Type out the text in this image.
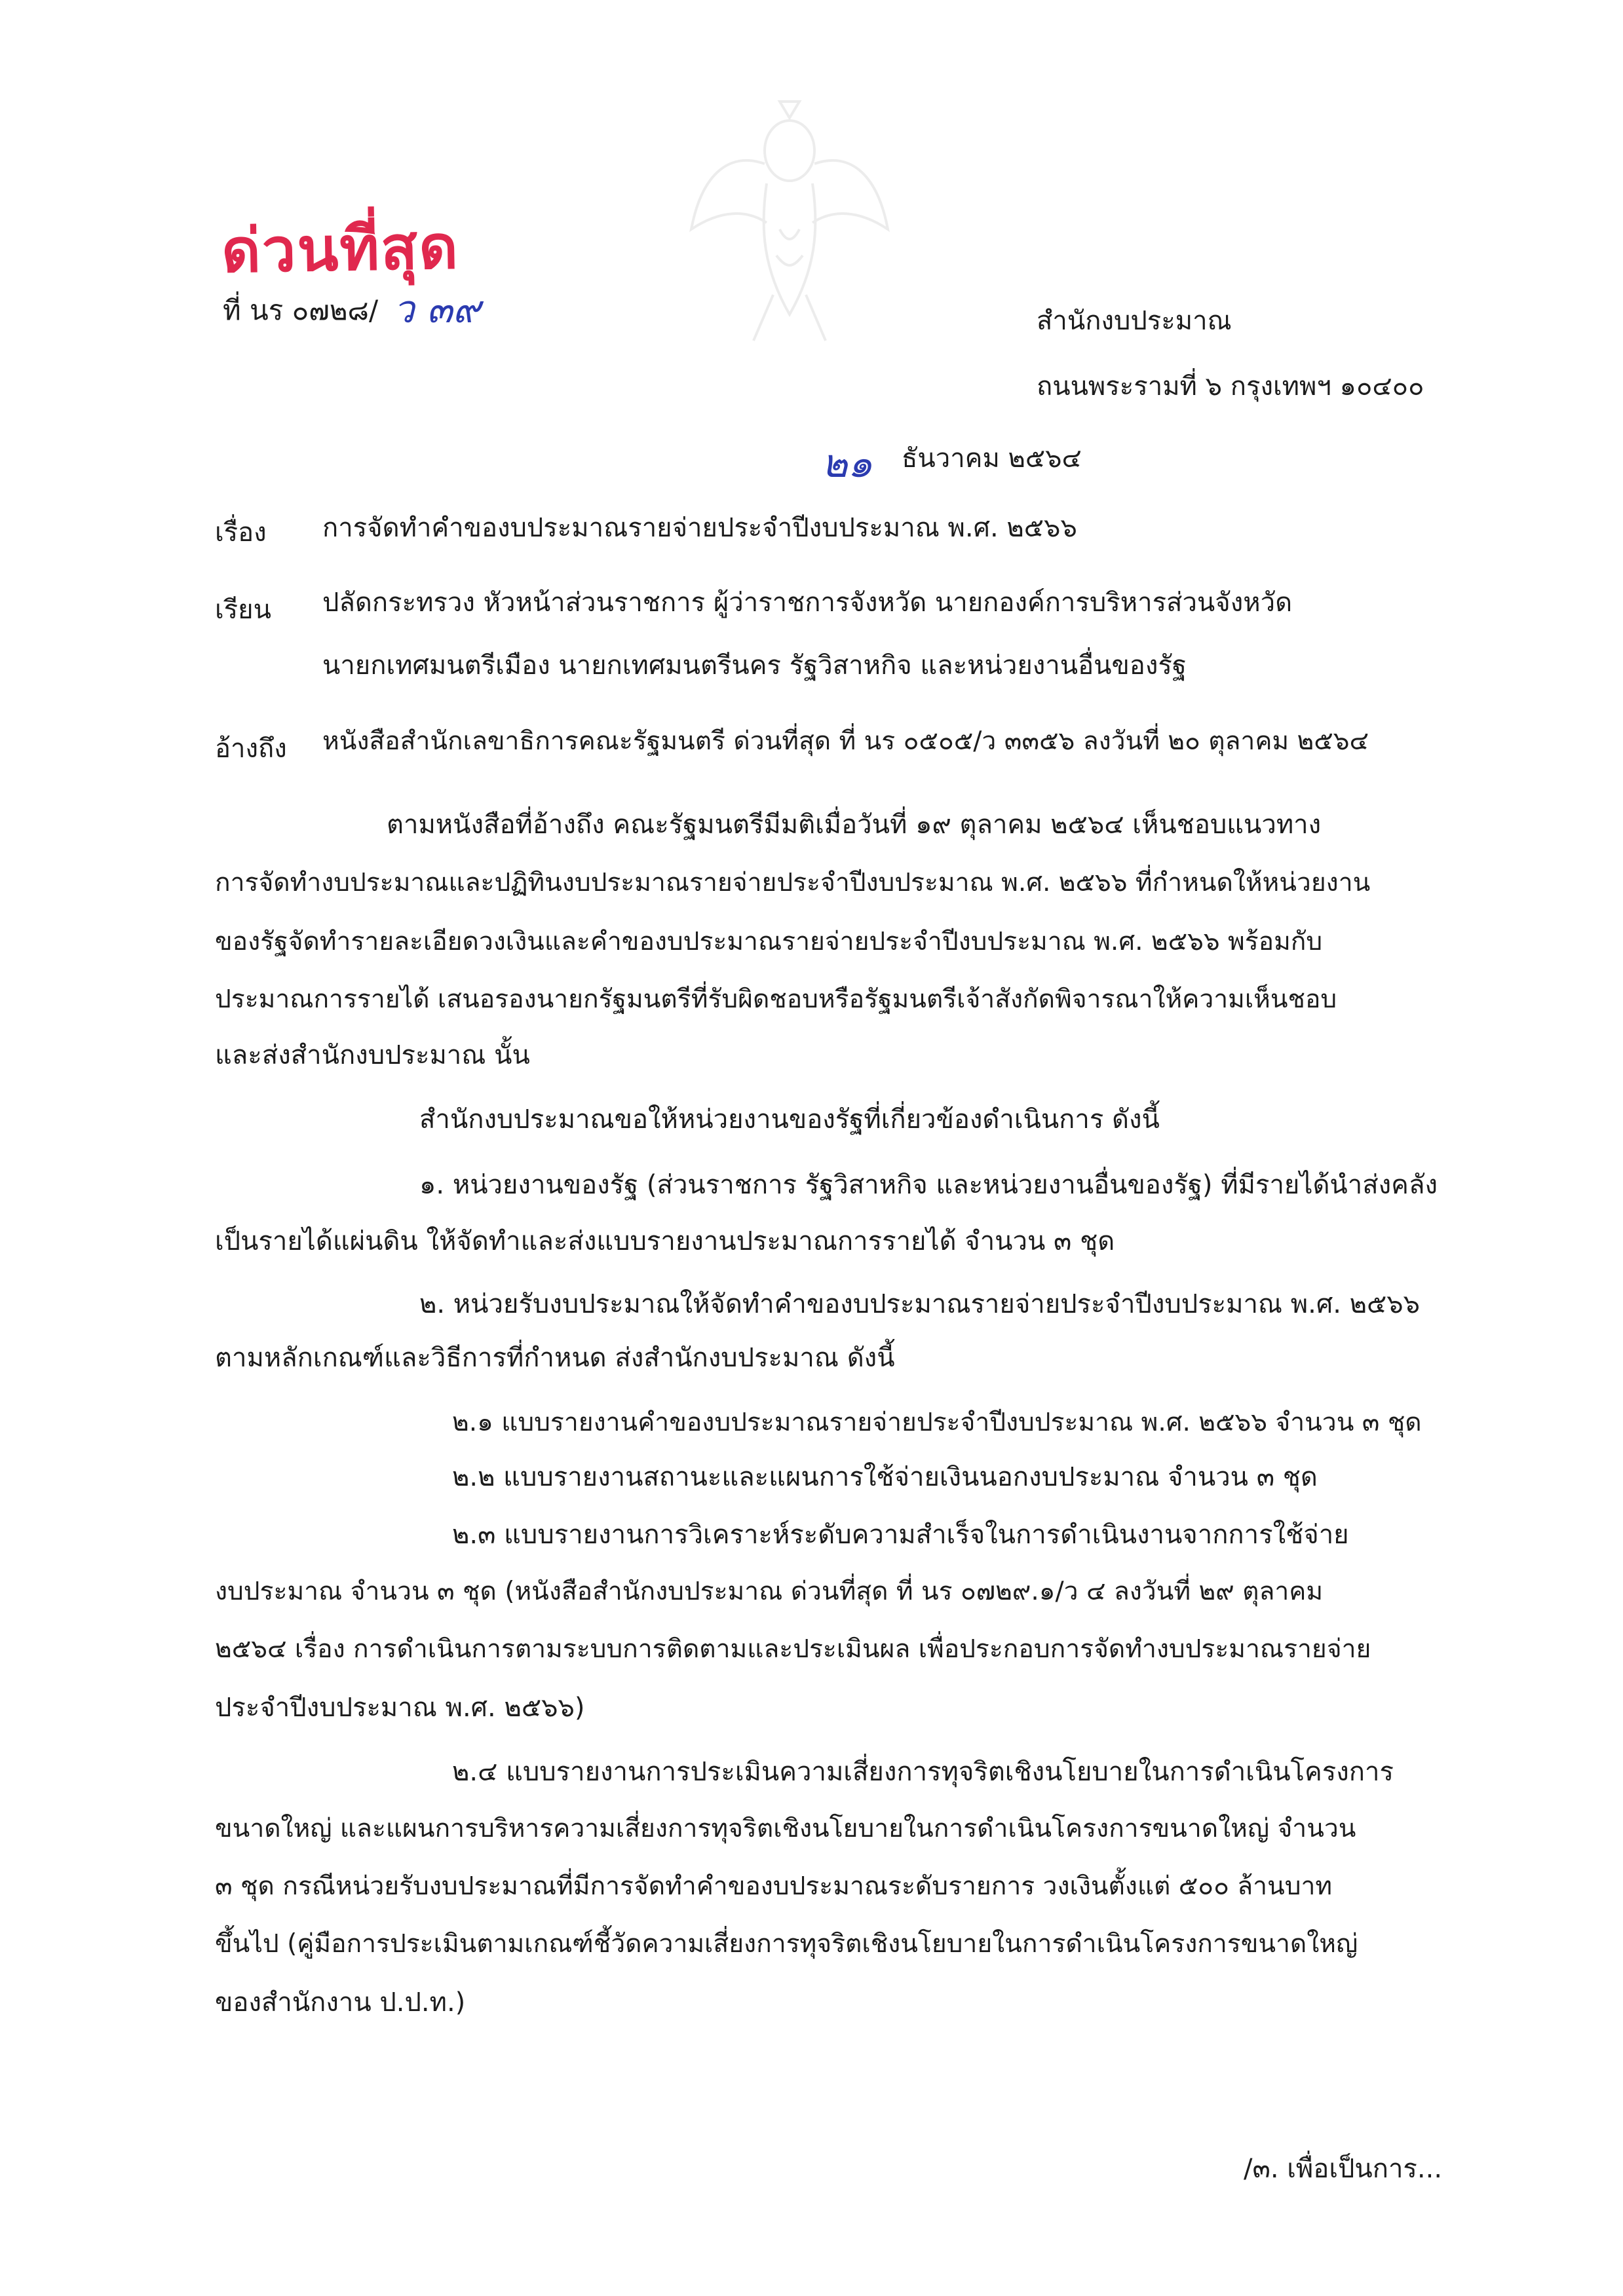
ด่วนที่สุด
ที่ นร ๐๗๒๘/ ว ๓๙	สำนักงบประมาณ
ถนนพระรามที่ ๖ กรุงเทพฯ ๑๐๔๐๐
๒๑ ธันวาคม ๒๕๖๔
เรื่อง การจัดทำคำของบประมาณรายจ่ายประจำปีงบประมาณ พ.ศ. ๒๕๖๖
เรียน ปลัดกระทรวง หัวหน้าส่วนราชการ ผู้ว่าราชการจังหวัด นายกองค์การบริหารส่วนจังหวัด
นายกเทศมนตรีเมือง นายกเทศมนตรีนคร รัฐวิสาหกิจ และหน่วยงานอื่นของรัฐ
อ้างถึง หนังสือสำนักเลขาธิการคณะรัฐมนตรี ด่วนที่สุด ที่ นร ๐๕๐๕/ว ๓๓๕๖ ลงวันที่ ๒๐ ตุลาคม ๒๕๖๔
ตามหนังสือที่อ้างถึง คณะรัฐมนตรีมีมติเมื่อวันที่ ๑๙ ตุลาคม ๒๕๖๔ เห็นชอบแนวทาง
การจัดทำงบประมาณและปฏิทินงบประมาณรายจ่ายประจำปีงบประมาณ พ.ศ. ๒๕๖๖ ที่กำหนดให้หน่วยงาน
ของรัฐจัดทำรายละเอียดวงเงินและคำของบประมาณรายจ่ายประจำปีงบประมาณ พ.ศ. ๒๕๖๖ พร้อมกับ
ประมาณการรายได้ เสนอรองนายกรัฐมนตรีที่รับผิดชอบหรือรัฐมนตรีเจ้าสังกัดพิจารณาให้ความเห็นชอบ
และส่งสำนักงบประมาณ นั้น
สำนักงบประมาณขอให้หน่วยงานของรัฐที่เกี่ยวข้องดำเนินการ ดังนี้
๑. หน่วยงานของรัฐ (ส่วนราชการ รัฐวิสาหกิจ และหน่วยงานอื่นของรัฐ) ที่มีรายได้นำส่งคลัง
เป็นรายได้แผ่นดิน ให้จัดทำและส่งแบบรายงานประมาณการรายได้ จำนวน ๓ ชุด
๒. หน่วยรับงบประมาณให้จัดทำคำของบประมาณรายจ่ายประจำปีงบประมาณ พ.ศ. ๒๕๖๖
ตามหลักเกณฑ์และวิธีการที่กำหนด ส่งสำนักงบประมาณ ดังนี้
๒.๑ แบบรายงานคำของบประมาณรายจ่ายประจำปีงบประมาณ พ.ศ. ๒๕๖๖ จำนวน ๓ ชุด
๒.๒ แบบรายงานสถานะและแผนการใช้จ่ายเงินนอกงบประมาณ จำนวน ๓ ชุด
๒.๓ แบบรายงานการวิเคราะห์ระดับความสำเร็จในการดำเนินงานจากการใช้จ่าย
งบประมาณ จำนวน ๓ ชุด (หนังสือสำนักงบประมาณ ด่วนที่สุด ที่ นร ๐๗๒๙.๑/ว ๔ ลงวันที่ ๒๙ ตุลาคม
๒๕๖๔ เรื่อง การดำเนินการตามระบบการติดตามและประเมินผล เพื่อประกอบการจัดทำงบประมาณรายจ่าย
ประจำปีงบประมาณ พ.ศ. ๒๕๖๖)
๒.๔ แบบรายงานการประเมินความเสี่ยงการทุจริตเชิงนโยบายในการดำเนินโครงการ
ขนาดใหญ่ และแผนการบริหารความเสี่ยงการทุจริตเชิงนโยบายในการดำเนินโครงการขนาดใหญ่ จำนวน
๓ ชุด กรณีหน่วยรับงบประมาณที่มีการจัดทำคำของบประมาณระดับรายการ วงเงินตั้งแต่ ๕๐๐ ล้านบาท
ขึ้นไป (คู่มือการประเมินตามเกณฑ์ชี้วัดความเสี่ยงการทุจริตเชิงนโยบายในการดำเนินโครงการขนาดใหญ่
ของสำนักงาน ป.ป.ท.)
/๓. เพื่อเป็นการ...
